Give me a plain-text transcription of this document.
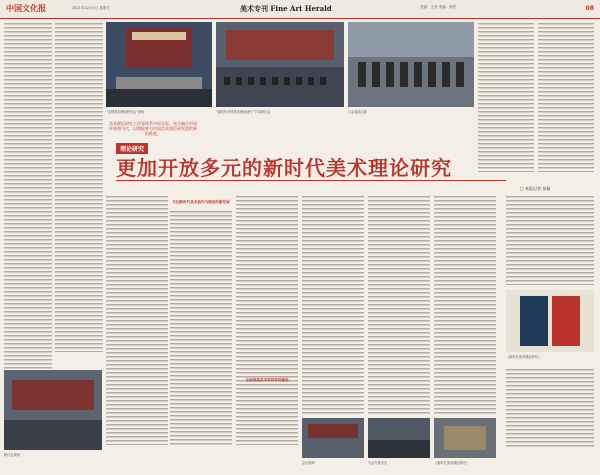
中国文化报	2021年12月5日 星期日	美术专刊 Fine Art Herald	责编：王彦 美编：徐然	08
“全国美术理论研究会”现场	“新时代中国美术理论研究”学术研讨会	与会嘉宾合影
美术理论研究工作要联系中国实际，充分融合中国传统和当代，以期能够为中国美术理论研究提供新的维度。
理论研究
更加开放多元的新时代美术理论研究
□ 本报记者 张颖
研讨会现场
关注新时代美术创作与理论的新发展
全面推进美术学的学科建设
《新时代美术理论研究》
会议现场	与会专家发言	《新时代美术理论研究》
